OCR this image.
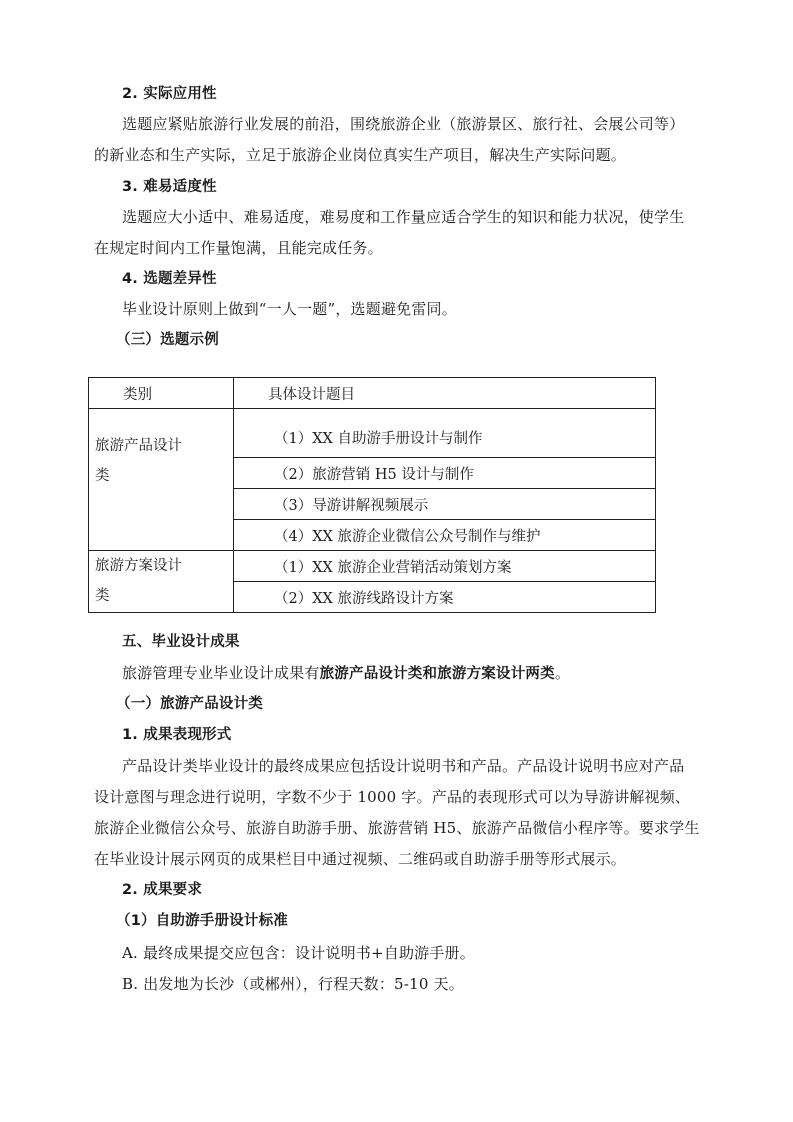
2. 实际应用性
选题应紧贴旅游行业发展的前沿，围绕旅游企业（旅游景区、旅行社、会展公司等）
的新业态和生产实际，立足于旅游企业岗位真实生产项目，解决生产实际问题。
3. 难易适度性
选题应大小适中、难易适度，难易度和工作量应适合学生的知识和能力状况，使学生
在规定时间内工作量饱满，且能完成任务。
4. 选题差异性
毕业设计原则上做到“一人一题”，选题避免雷同。
（三）选题示例
类别	具体设计题目

旅游产品设计
类	（1）XX 自助游手册设计与制作
	（2）旅游营销 H5 设计与制作
	（3）导游讲解视频展示
	（4）XX 旅游企业微信公众号制作与维护

旅游方案设计
类	（1）XX 旅游企业营销活动策划方案
	（2）XX 旅游线路设计方案
五、毕业设计成果
旅游管理专业毕业设计成果有旅游产品设计类和旅游方案设计两类。
（一）旅游产品设计类
1. 成果表现形式
产品设计类毕业设计的最终成果应包括设计说明书和产品。产品设计说明书应对产品
设计意图与理念进行说明，字数不少于 1000 字。产品的表现形式可以为导游讲解视频、
旅游企业微信公众号、旅游自助游手册、旅游营销 H5、旅游产品微信小程序等。要求学生
在毕业设计展示网页的成果栏目中通过视频、二维码或自助游手册等形式展示。
2. 成果要求
（1）自助游手册设计标准
A. 最终成果提交应包含：设计说明书+自助游手册。
B. 出发地为长沙（或郴州），行程天数：5-10 天。
